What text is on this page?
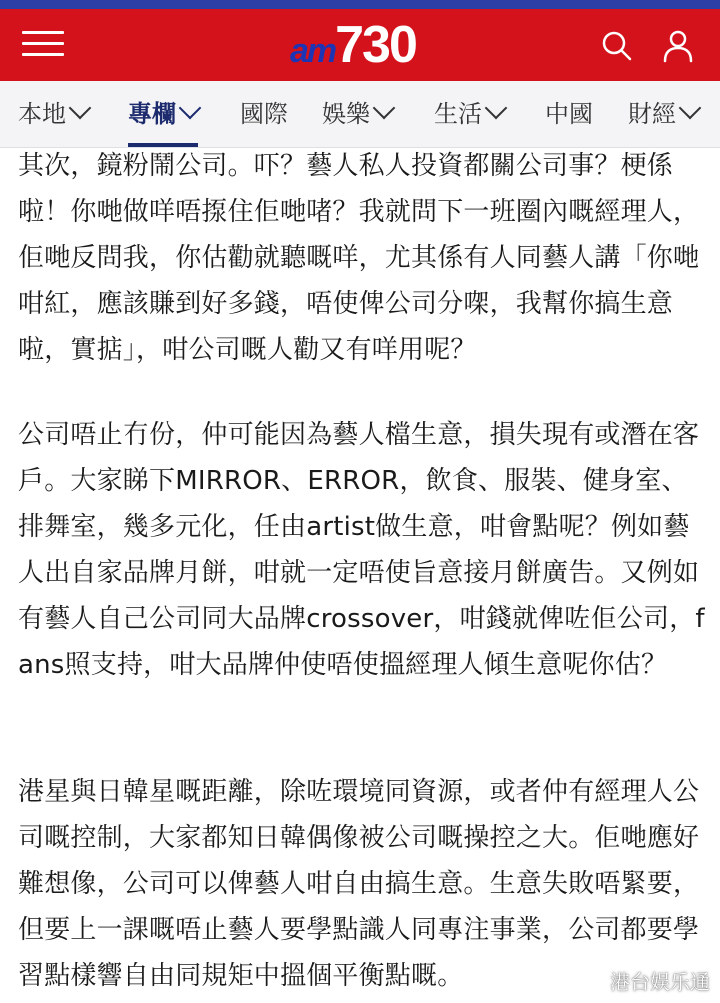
am730
本地	專欄	國際 娛樂	生活	中國 財經

其次，鏡粉鬧公司。吓？藝人私人投資都關公司事？梗係啦！你哋做咩唔揼住佢哋啫？我就問下一班圈內嘅經理人，佢哋反問我，你估勸就聽嘅咩，尤其係有人同藝人講「你哋咁紅，應該賺到好多錢，唔使俾公司分㗎，我幫你搞生意啦，實掂」，咁公司嘅人勸又有咩用呢？

公司唔止冇份，仲可能因為藝人檔生意，損失現有或潛在客戶。大家睇下MIRROR、ERROR，飲食、服裝、健身室、排舞室，幾多元化，任由artist做生意，咁會點呢？例如藝人出自家品牌月餅，咁就一定唔使旨意接月餅廣告。又例如有藝人自己公司同大品牌crossover，咁錢就俾咗佢公司，fans照支持，咁大品牌仲使唔使搵經理人傾生意呢你估？

港星與日韓星嘅距離，除咗環境同資源，或者仲有經理人公司嘅控制，大家都知日韓偶像被公司嘅操控之大。佢哋應好難想像，公司可以俾藝人咁自由搞生意。生意失敗唔緊要，但要上一課嘅唔止藝人要學點識人同專注事業，公司都要學習點樣響自由同規矩中搵個平衡點嘅。	港台娱乐通
